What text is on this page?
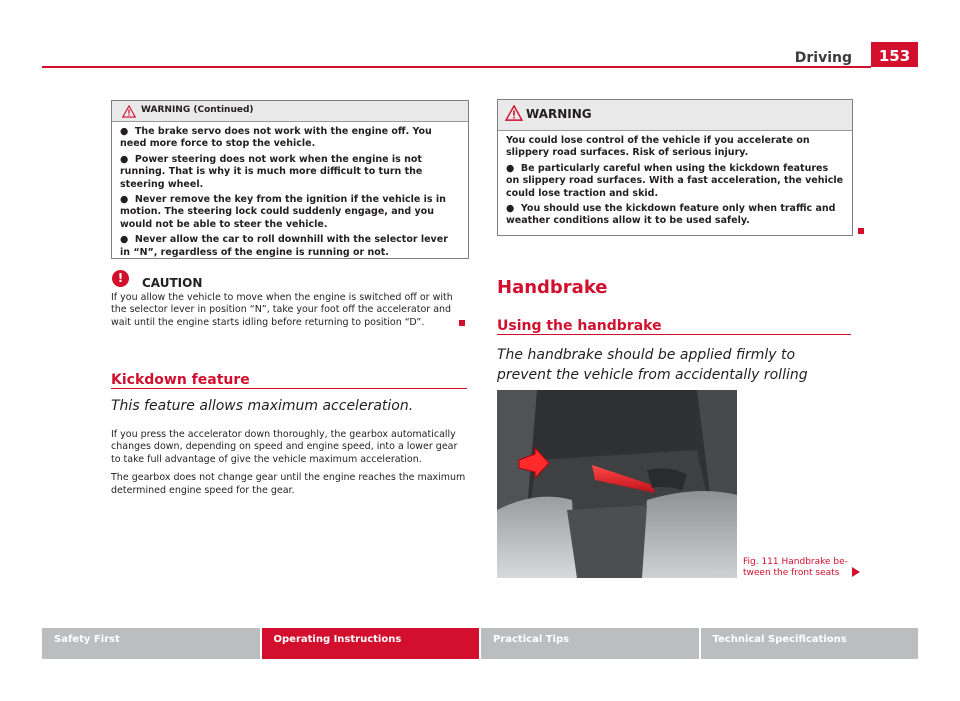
Driving	153
WARNING (Continued)

●  The brake servo does not work with the engine off. You need more force to stop the vehicle.

●  Power steering does not work when the engine is not running. That is why it is much more difficult to turn the steering wheel.

●  Never remove the key from the ignition if the vehicle is in motion. The steering lock could suddenly engage, and you would not be able to steer the vehicle.

●  Never allow the car to roll downhill with the selector lever in “N”, regardless of the engine is running or not.

!	CAUTION
If you allow the vehicle to move when the engine is switched off or with the selector lever in position “N”, take your foot off the accelerator and wait until the engine starts idling before returning to position “D”.
Kickdown feature
This feature allows maximum acceleration.

If you press the accelerator down thoroughly, the gearbox automatically changes down, depending on speed and engine speed, into a lower gear to take full advantage of give the vehicle maximum acceleration.

The gearbox does not change gear until the engine reaches the maximum determined engine speed for the gear.

WARNING

You could lose control of the vehicle if you accelerate on slippery road surfaces. Risk of serious injury.

●  Be particularly careful when using the kickdown features on slippery road surfaces. With a fast acceleration, the vehicle could lose traction and skid.

●  You should use the kickdown feature only when traffic and weather conditions allow it to be used safely.

Handbrake
Using the handbrake
The handbrake should be applied firmly to prevent the vehicle from accidentally rolling
B6J-0042
Fig. 111 Handbrake be-
tween the front seats
Safety First	Operating Instructions	Practical Tips	Technical Specifications
